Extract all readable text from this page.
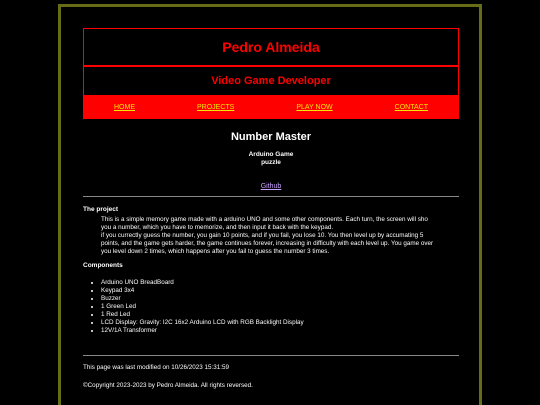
Pedro Almeida
Video Game Developer
HOME	PROJECTS	PLAY NOW	CONTACT
Number Master
Arduino Game
puzzle
Github
The project
This is a simple memory game made with a arduino UNO and some other components. Each turn, the screen will sho
you a number, which you have to memorize, and then input it back with the keypad.
if you currectly guess the number, you gain 10 points, and if you fail, you lose 10. You then level up by accumating 5
points, and the game gets harder, the game continues forever, increasing in difficulty with each level up. You game over
you level down 2 times, which happens after you fail to guess the number 3 times.
Components
• Arduino UNO BreadBoard
• Keypad 3x4
• Buzzer
• 1 Green Led
• 1 Red Led
• LCD Display: Gravity: I2C 16x2 Arduino LCD with RGB Backlight Display
• 12V/1A Transformer
This page was last modified on 10/26/2023 15:31:59
©Copyright 2023-2023 by Pedro Almeida. All rights reversed.
